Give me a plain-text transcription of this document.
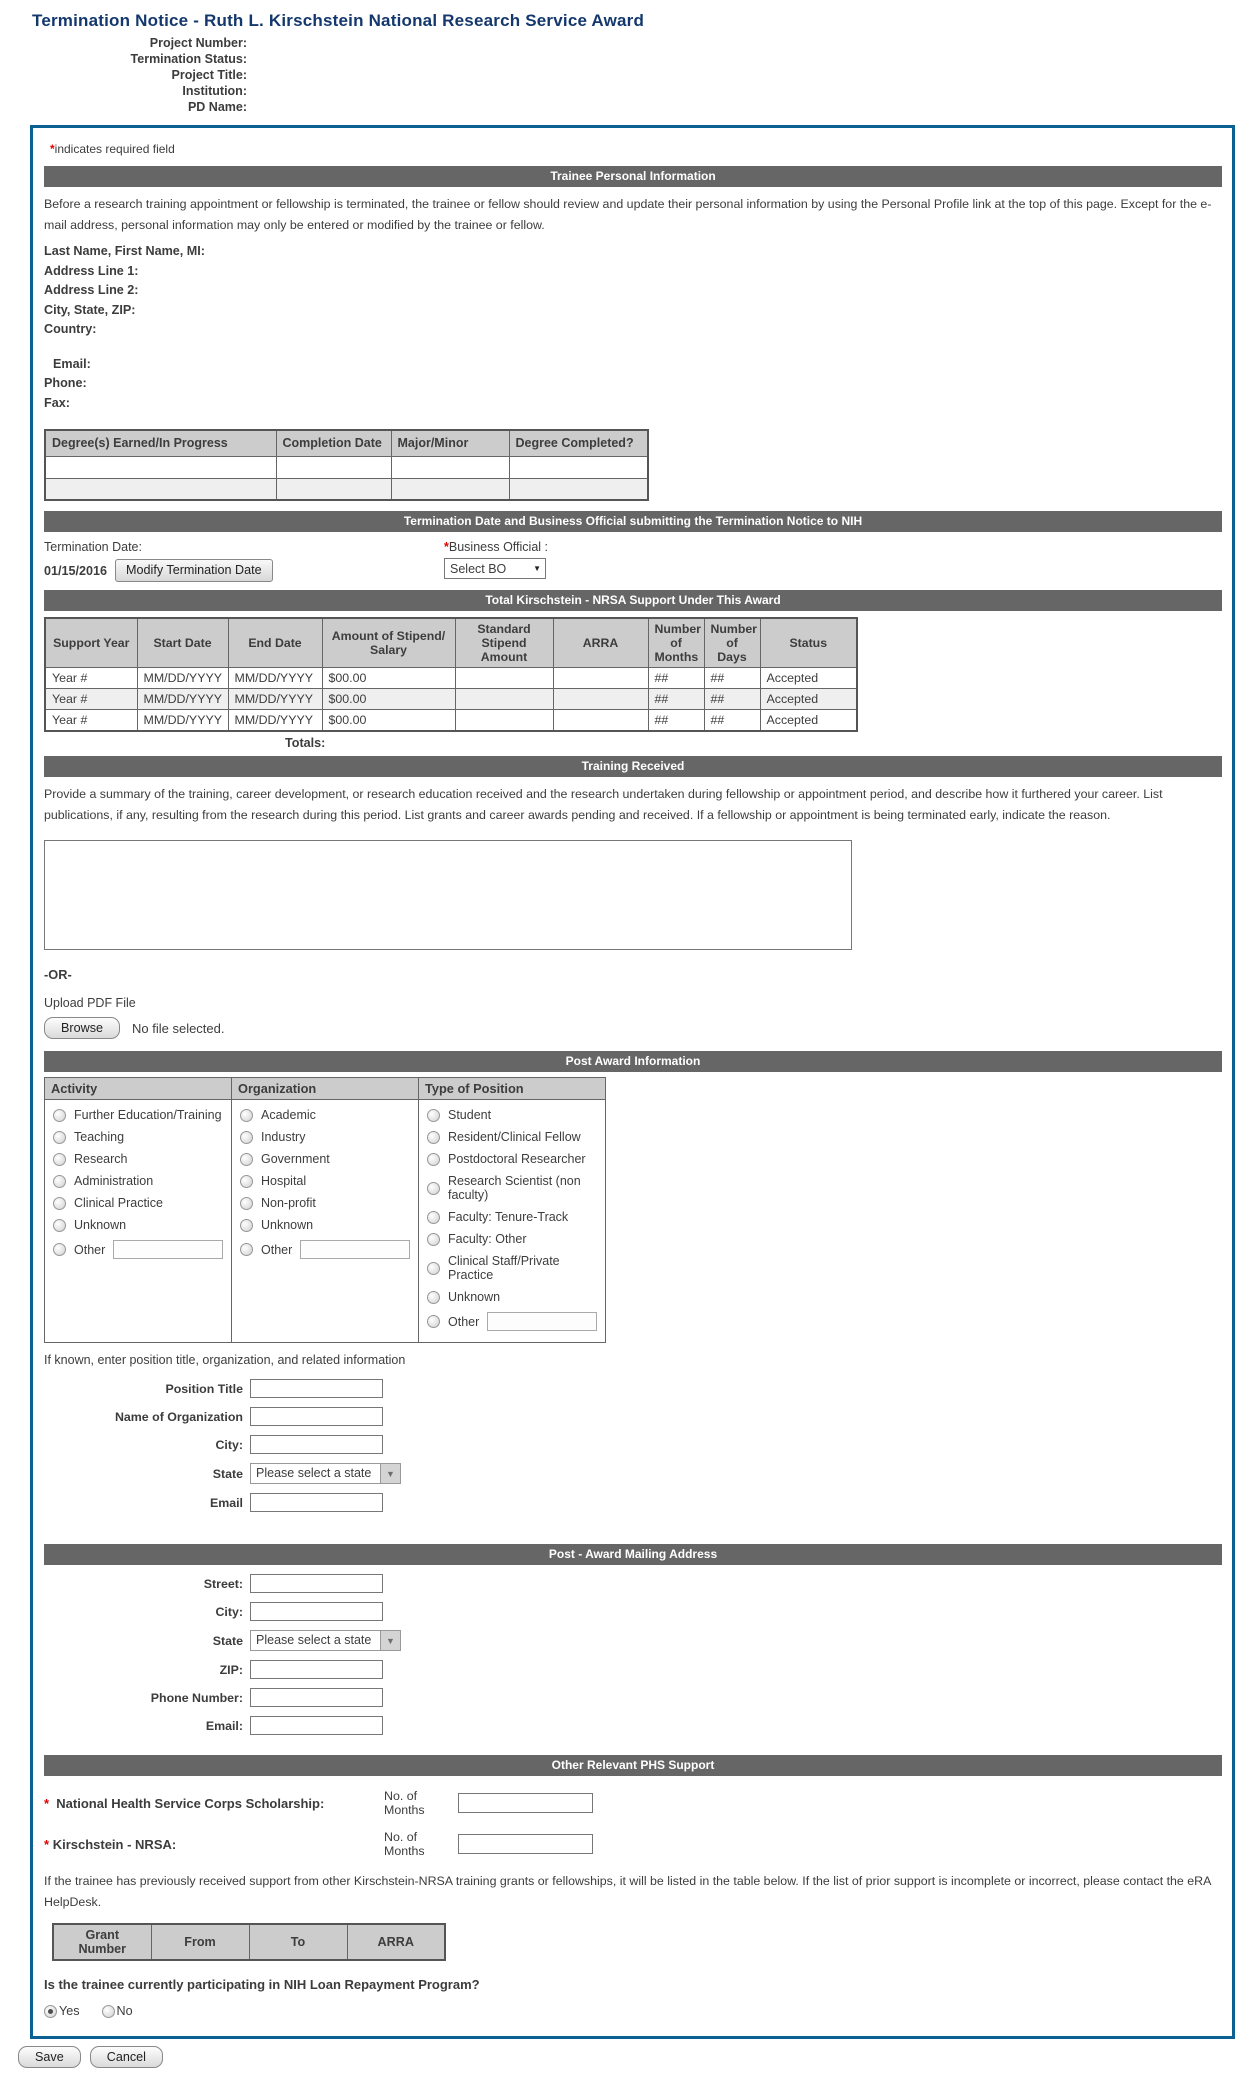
Termination Notice - Ruth L. Kirschstein National Research Service Award
Project Number:
Termination Status:
Project Title:
Institution:
PD Name:
*indicates required field
Trainee Personal Information

Before a research training appointment or fellowship is terminated, the trainee or fellow should review and update their personal information by using the Personal Profile link at the top of this page. Except for the e-mail address, personal information may only be entered or modified by the trainee or fellow.

Last Name, First Name, MI:
Address Line 1:
Address Line 2:
City, State, ZIP:
Country:
Email:
Phone:
Fax:
Degree(s) Earned/In Progress	Completion Date	Major/Minor	Degree Completed?

Termination Date and Business Official submitting the Termination Notice to NIH
Termination Date:
01/15/2016	Modify Termination Date
*Business Official :
Select BO	▼
Total Kirschstein - NRSA Support Under This Award
Support Year	Start Date	End Date	Amount of Stipend/ Salary	Standard Stipend Amount	ARRA	Number of Months	Number of Days	Status
Year #	MM/DD/YYYY	MM/DD/YYYY	$00.00			##	##	Accepted
Year #	MM/DD/YYYY	MM/DD/YYYY	$00.00			##	##	Accepted
Year #	MM/DD/YYYY	MM/DD/YYYY	$00.00			##	##	Accepted
Totals:
Training Received

Provide a summary of the training, career development, or research education received and the research undertaken during fellowship or appointment period, and describe how it furthered your career. List publications, if any, resulting from the research during this period. List grants and career awards pending and received. If a fellowship or appointment is being terminated early, indicate the reason.

-OR-
Upload PDF File
Browse	No file selected.
Post Award Information
Activity	Organization	Type of Position

Further Education/Training
Teaching
Research
Administration
Clinical Practice
Unknown
Other

Academic
Industry
Government
Hospital
Non-profit
Unknown
Other

Student
Resident/Clinical Fellow
Postdoctoral Researcher
Research Scientist (non faculty)
Faculty: Tenure-Track
Faculty: Other
Clinical Staff/Private Practice
Unknown
Other
If known, enter position title, organization, and related information
Position Title
Name of Organization
City:
State	Please select a state	▼
Email
Post - Award Mailing Address
Street:
City:
State	Please select a state	▼
ZIP:
Phone Number:
Email:
Other Relevant PHS Support
* National Health Service Corps Scholarship:	No. of Months
* Kirschstein - NRSA:	No. of Months

If the trainee has previously received support from other Kirschstein-NRSA training grants or fellowships, it will be listed in the table below. If the list of prior support is incomplete or incorrect, please contact the eRA HelpDesk.

Grant Number	From	To	ARRA
Is the trainee currently participating in NIH Loan Repayment Program?
Yes	No
Save	Cancel
